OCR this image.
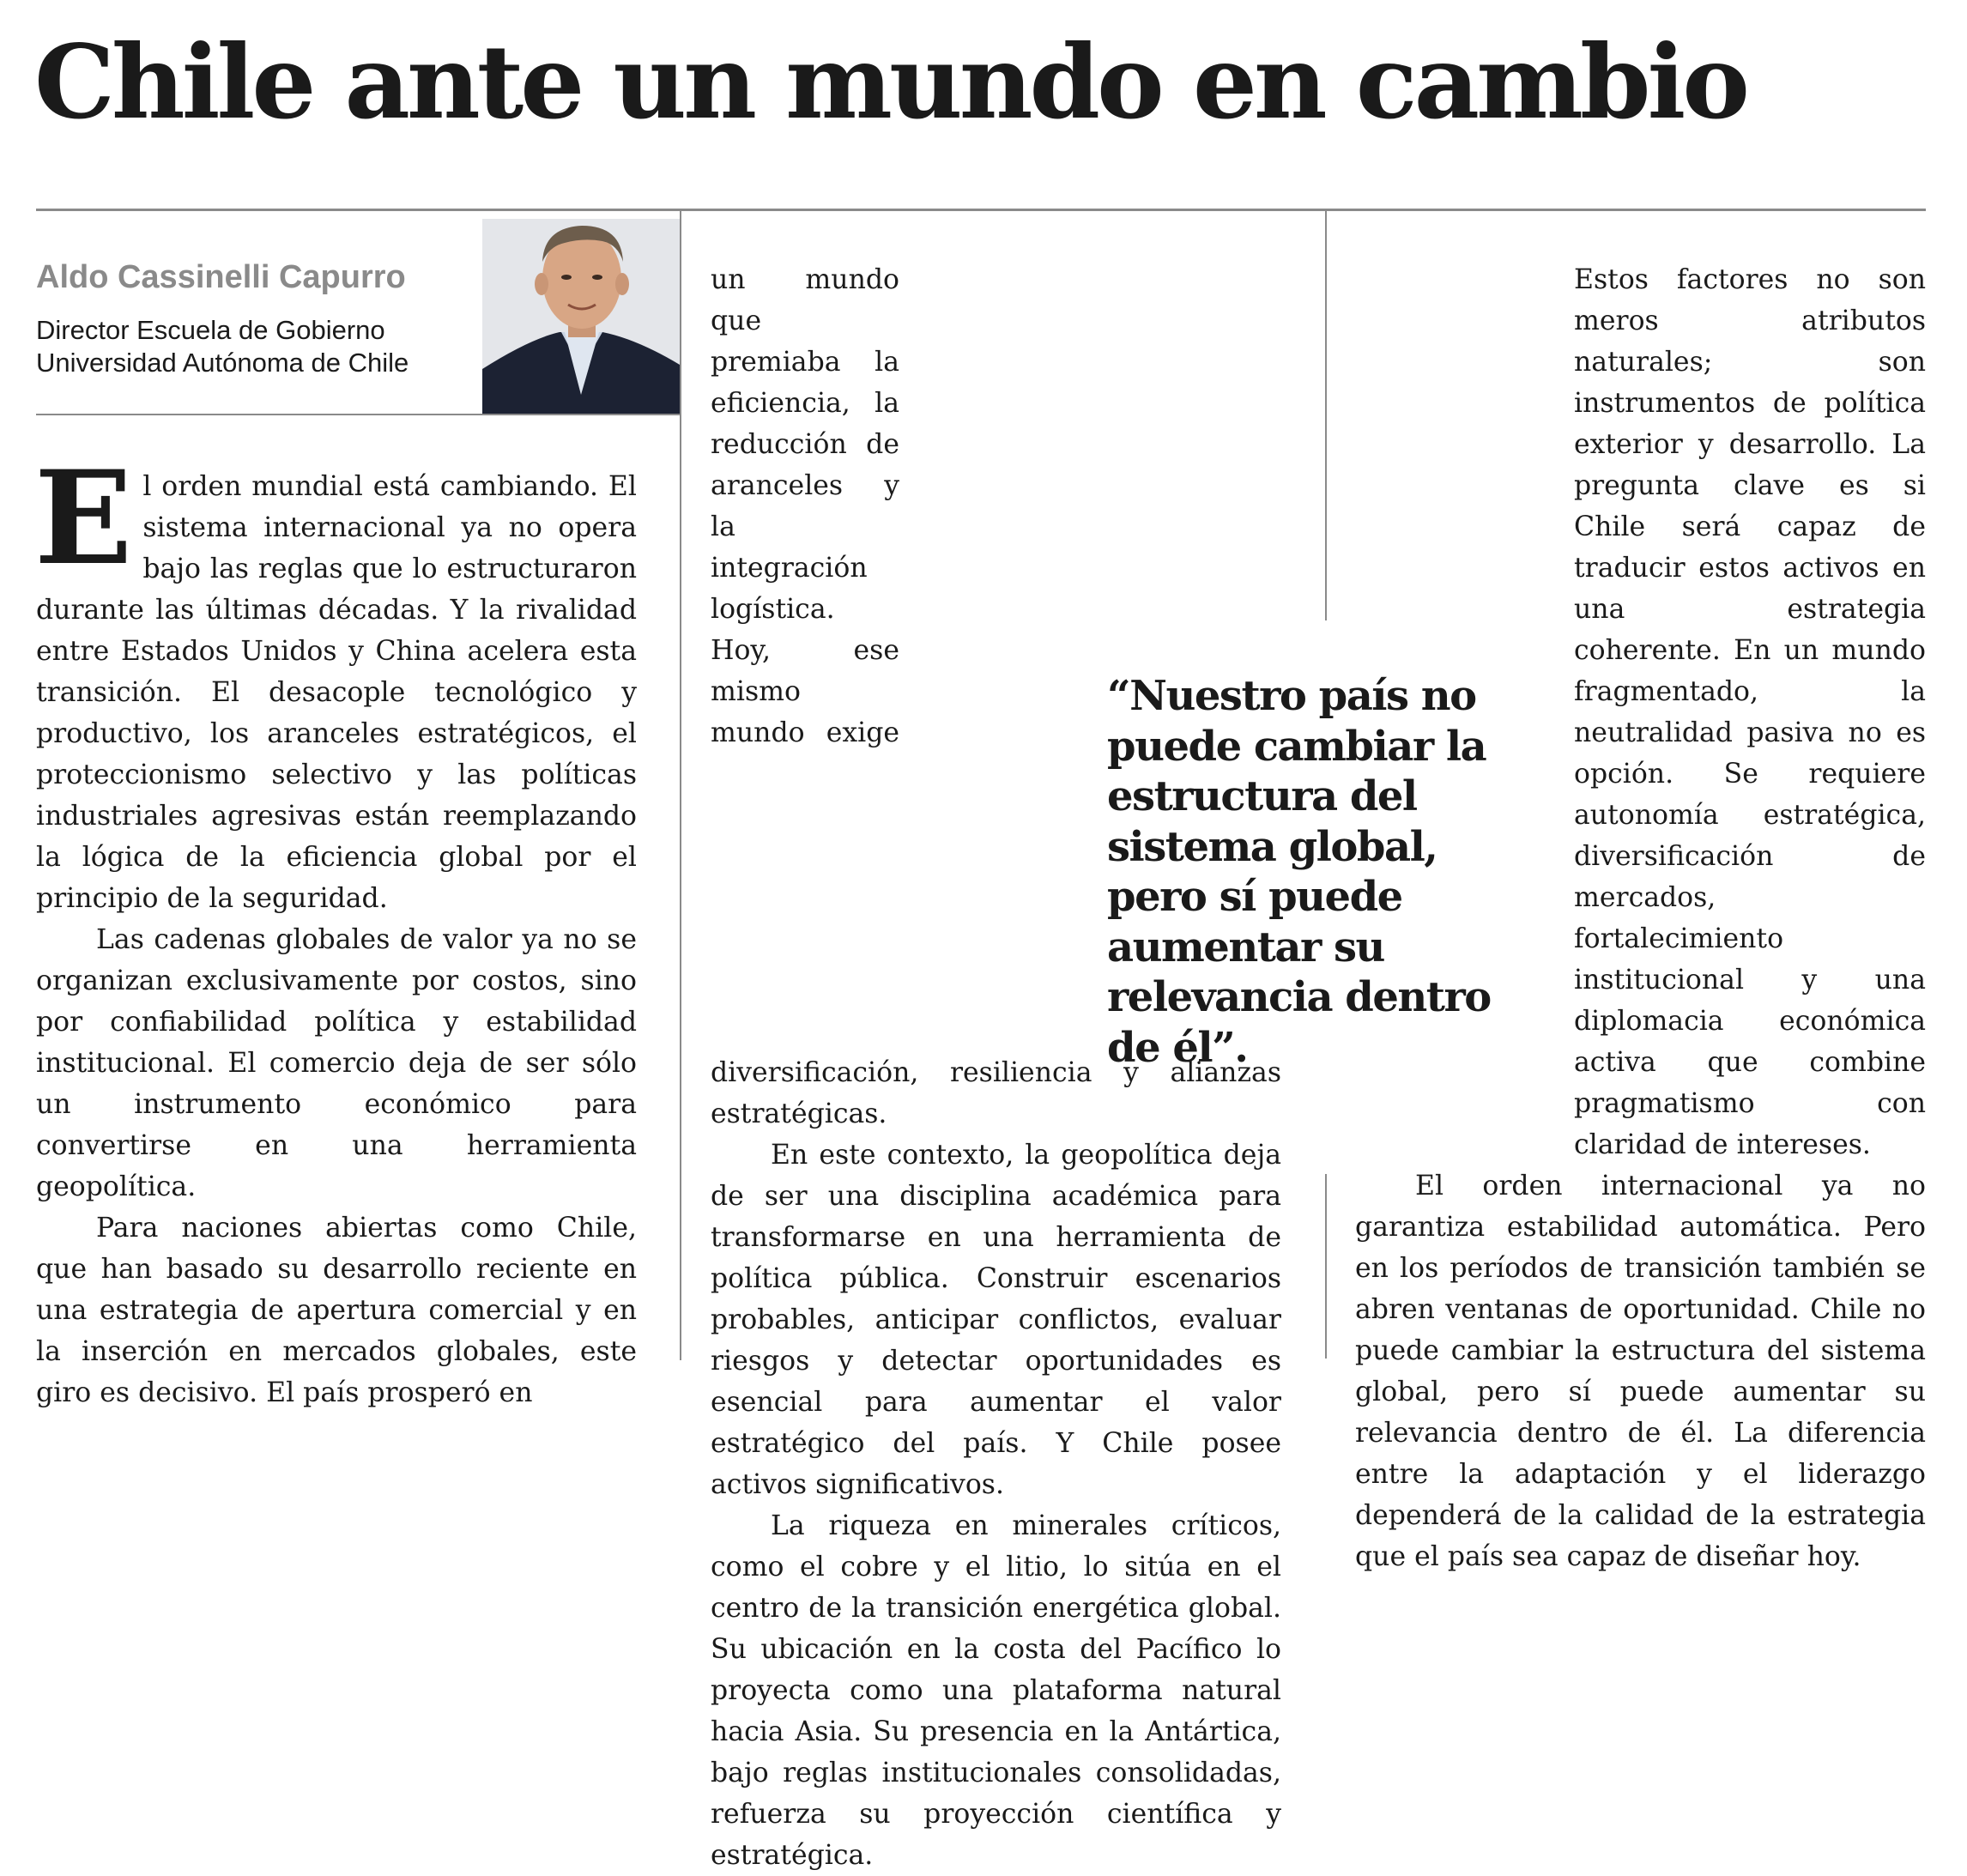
Chile ante un mundo en cambio
Aldo Cassinelli Capurro
Director Escuela de Gobierno
Universidad Autónoma de Chile

El orden mundial está cambiando. El sistema internacional ya no opera bajo las reglas que lo estructuraron durante las últimas décadas. Y la rivalidad entre Estados Unidos y China acelera esta transición. El desacople tecnológico y productivo, los aranceles estratégicos, el proteccionismo selectivo y las políticas industriales agresivas están reemplazando la lógica de la eficiencia global por el principio de la seguridad.

Las cadenas globales de valor ya no se organizan exclusivamente por costos, sino por confiabilidad política y estabilidad institucional. El comercio deja de ser sólo un instrumento económico para convertirse en una herramienta geopolítica.

Para naciones abiertas como Chile, que han basado su desarrollo reciente en una estrategia de apertura comercial y en la inserción en mercados globales, este giro es decisivo. El país prosperó en

un mundo que premiaba la eficiencia, la reducción de aranceles y la integración logística. Hoy, ese mismo mundo exige diversificación, resiliencia y alianzas estratégicas.

En este contexto, la geopolítica deja de ser una disciplina académica para transformarse en una herramienta de política pública. Construir escenarios probables, anticipar conflictos, evaluar riesgos y detectar oportunidades es esencial para aumentar el valor estratégico del país. Y Chile posee activos significativos.

La riqueza en minerales críticos, como el cobre y el litio, lo sitúa en el centro de la transición energética global. Su ubicación en la costa del Pacífico lo proyecta como una plataforma natural hacia Asia. Su presencia en la Antártica, bajo reglas institucionales consolidadas, refuerza su proyección científica y estratégica.

Estos factores no son meros atributos naturales; son instrumentos de política exterior y desarrollo. La pregunta clave es si Chile será capaz de traducir estos activos en una estrategia coherente. En un mundo fragmentado, la neutralidad pasiva no es opción. Se requiere autonomía estratégica, diversificación de mercados, fortalecimiento institucional y una diplomacia económica activa que combine pragmatismo con claridad de intereses.

El orden internacional ya no garantiza estabilidad automática. Pero en los períodos de transición también se abren ventanas de oportunidad. Chile no puede cambiar la estructura del sistema global, pero sí puede aumentar su relevancia dentro de él. La diferencia entre la adaptación y el liderazgo dependerá de la calidad de la estrategia que el país sea capaz de diseñar hoy.

“Nuestro país no
puede cambiar la
estructura del
sistema global,
pero sí puede
aumentar su
relevancia dentro
de él”.
